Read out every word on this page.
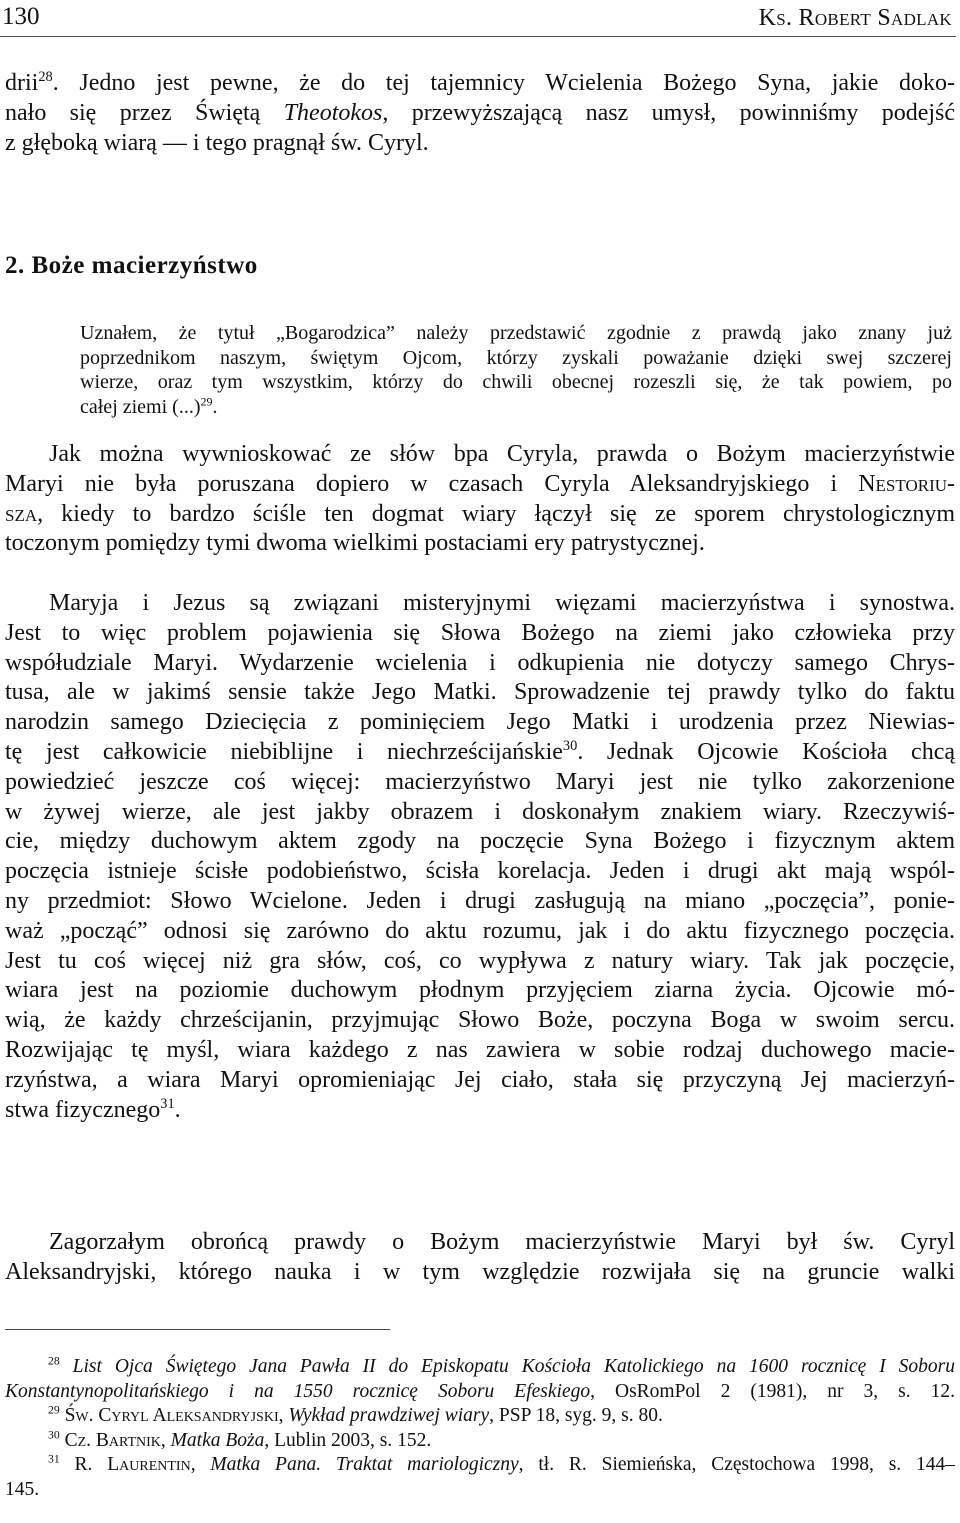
130	Ks. Robert Sadlak
drii$^{28}$. Jedno jest pewne, że do tej tajemnicy Wcielenia Bożego Syna, jakie doko-
nało się przez Świętą Theotokos, przewyższającą nasz umysł, powinniśmy podejść
z głęboką wiarą — i tego pragnął św. Cyryl.
2. Boże macierzyństwo
Uznałem, że tytuł „Bogarodzica” należy przedstawić zgodnie z prawdą jako znany już
poprzednikom naszym, świętym Ojcom, którzy zyskali poważanie dzięki swej szczerej
wierze, oraz tym wszystkim, którzy do chwili obecnej rozeszli się, że tak powiem, po
całej ziemi (...)$^{29}$.
Jak można wywnioskować ze słów bpa Cyryla, prawda o Bożym macierzyństwie
Maryi nie była poruszana dopiero w czasach Cyryla Aleksandryjskiego i Nestoriu-
sza, kiedy to bardzo ściśle ten dogmat wiary łączył się ze sporem chrystologicznym
toczonym pomiędzy tymi dwoma wielkimi postaciami ery patrystycznej.
Maryja i Jezus są związani misteryjnymi więzami macierzyństwa i synostwa.
Jest to więc problem pojawienia się Słowa Bożego na ziemi jako człowieka przy
współudziale Maryi. Wydarzenie wcielenia i odkupienia nie dotyczy samego Chrys-
tusa, ale w jakimś sensie także Jego Matki. Sprowadzenie tej prawdy tylko do faktu
narodzin samego Dziecięcia z pominięciem Jego Matki i urodzenia przez Niewias-
tę jest całkowicie niebiblijne i niechrześcijańskie$^{30}$. Jednak Ojcowie Kościoła chcą
powiedzieć jeszcze coś więcej: macierzyństwo Maryi jest nie tylko zakorzenione
w żywej wierze, ale jest jakby obrazem i doskonałym znakiem wiary. Rzeczywiś-
cie, między duchowym aktem zgody na poczęcie Syna Bożego i fizycznym aktem
poczęcia istnieje ścisłe podobieństwo, ścisła korelacja. Jeden i drugi akt mają wspól-
ny przedmiot: Słowo Wcielone. Jeden i drugi zasługują na miano „poczęcia”, ponie-
waż „począć” odnosi się zarówno do aktu rozumu, jak i do aktu fizycznego poczęcia.
Jest tu coś więcej niż gra słów, coś, co wypływa z natury wiary. Tak jak poczęcie,
wiara jest na poziomie duchowym płodnym przyjęciem ziarna życia. Ojcowie mó-
wią, że każdy chrześcijanin, przyjmując Słowo Boże, poczyna Boga w swoim sercu.
Rozwijając tę myśl, wiara każdego z nas zawiera w sobie rodzaj duchowego macie-
rzyństwa, a wiara Maryi opromieniając Jej ciało, stała się przyczyną Jej macierzyń-
stwa fizycznego$^{31}$.
Zagorzałym obrońcą prawdy o Bożym macierzyństwie Maryi był św. Cyryl
Aleksandryjski, którego nauka i w tym względzie rozwijała się na gruncie walki
$^{28}$ List Ojca Świętego Jana Pawła II do Episkopatu Kościoła Katolickiego na 1600 rocznicę I Soboru
Konstantynopolitańskiego i na 1550 rocznicę Soboru Efeskiego, OsRomPol 2 (1981), nr 3, s. 12.
$^{29}$ Św. Cyryl Aleksandryjski, Wykład prawdziwej wiary, PSP 18, syg. 9, s. 80.
$^{30}$ Cz. Bartnik, Matka Boża, Lublin 2003, s. 152.
$^{31}$ R. Laurentin, Matka Pana. Traktat mariologiczny, tł. R. Siemieńska, Częstochowa 1998, s. 144–
145.
